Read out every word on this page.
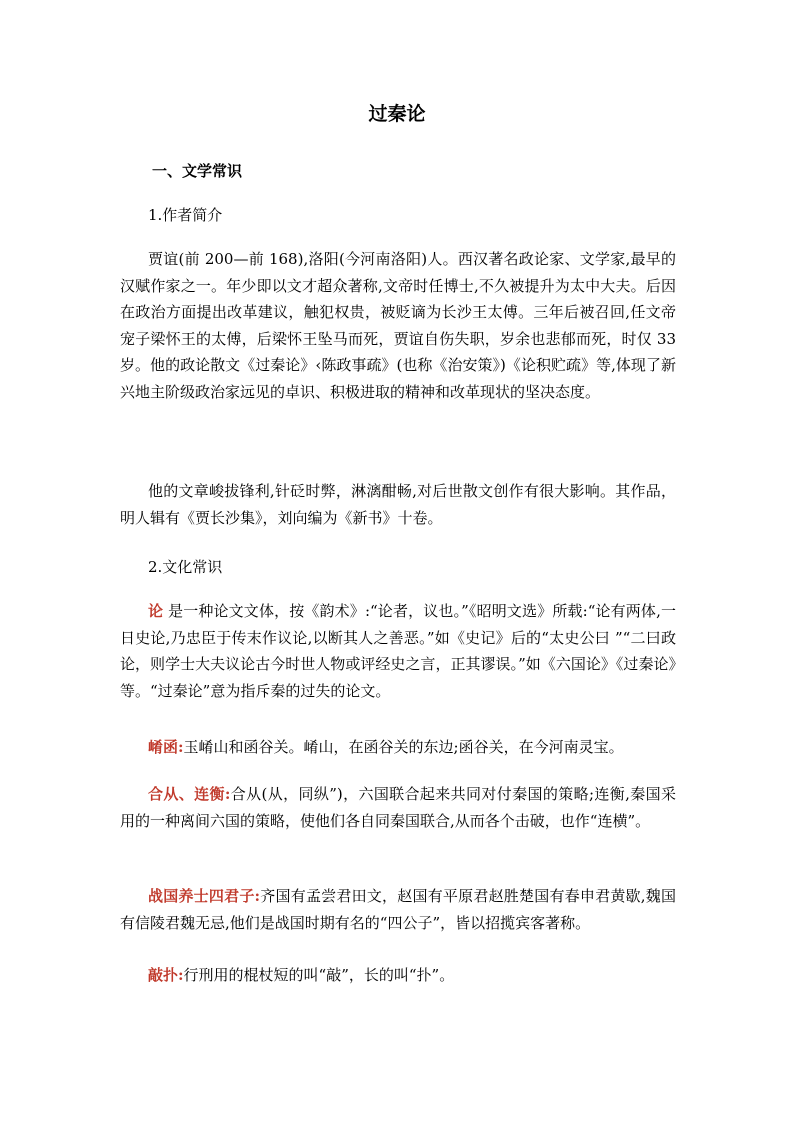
过秦论
一、文学常识
1.作者简介
贾谊(前 200—前 168),洛阳(今河南洛阳)人。西汉著名政论家、文学家,最早的汉赋作家之一。年少即以文才超众著称,文帝时任博士,不久被提升为太中大夫。后因在政治方面提出改革建议，触犯权贵，被贬谪为长沙王太傅。三年后被召回,任文帝宠子梁怀王的太傅，后梁怀王坠马而死，贾谊自伤失职，岁余也悲郁而死，时仅 33 岁。他的政论散文《过秦论》‹陈政事疏》(也称《治安策》)《论积贮疏》等,体现了新兴地主阶级政治家远见的卓识、积极进取的精神和改革现状的坚决态度。
他的文章峻拔锋利,针砭时弊，淋漓酣畅,对后世散文创作有很大影响。其作品，明人辑有《贾长沙集》，刘向编为《新书》十卷。
2.文化常识
论 是一种论文文体，按《韵术》:“论者，议也。”《昭明文选》所载:“论有两体,一日史论,乃忠臣于传末作议论,以断其人之善恶。”如《史记》后的“太史公曰 ”“二曰政论，则学士大夫议论古今时世人物或评经史之言，正其谬误。”如《六国论》《过秦论》等。“过秦论”意为指斥秦的过失的论文。
崤函:玉崤山和函谷关。崤山，在函谷关的东边;函谷关，在今河南灵宝。
合从、连衡:合从(从，同纵”)，六国联合起来共同对付秦国的策略;连衡,秦国采用的一种离间六国的策略，使他们各自同秦国联合,从而各个击破，也作“连横”。
战国养士四君子:齐国有孟尝君田文，赵国有平原君赵胜楚国有春申君黄歇,魏国有信陵君魏无忌,他们是战国时期有名的“四公子”，皆以招揽宾客著称。
敲扑:行刑用的棍杖短的叫“敲”，长的叫“扑”。
